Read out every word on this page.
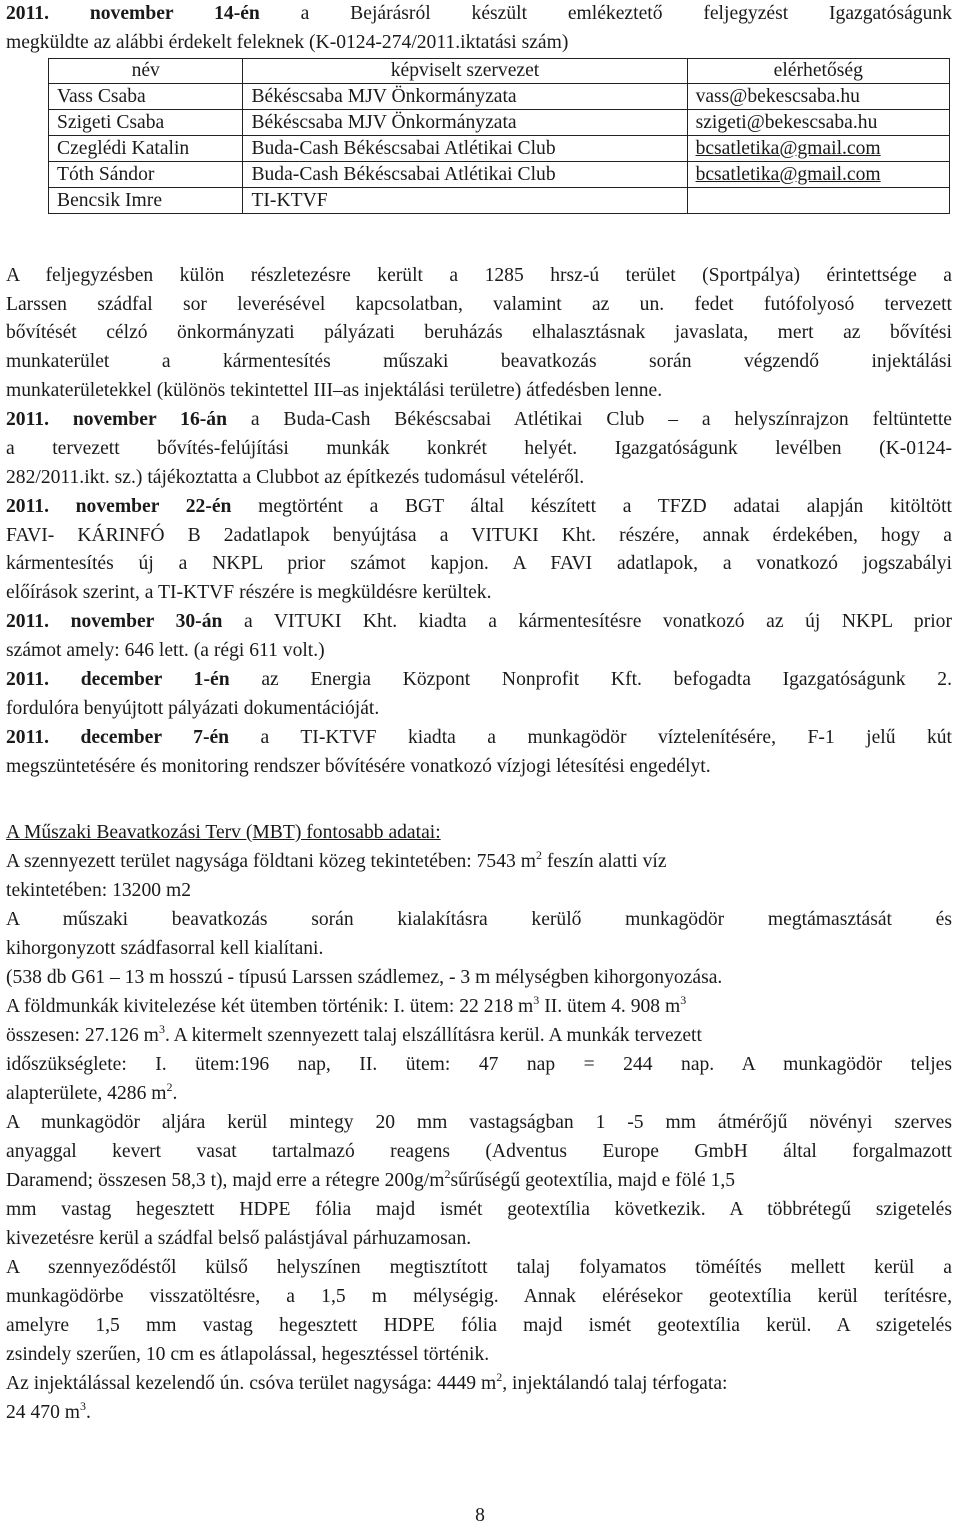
2011. november 14-én a Bejárásról készült emlékeztető feljegyzést Igazgatóságunk
megküldte az alábbi érdekelt feleknek (K-0124-274/2011.iktatási szám)
név	képviselt szervezet	elérhetőség
Vass Csaba	Békéscsaba MJV Önkormányzata	vass@bekescsaba.hu
Szigeti Csaba	Békéscsaba MJV Önkormányzata	szigeti@bekescsaba.hu
Czeglédi Katalin	Buda-Cash Békéscsabai Atlétikai Club	bcsatletika@gmail.com
Tóth Sándor	Buda-Cash Békéscsabai Atlétikai Club	bcsatletika@gmail.com
Bencsik Imre	TI-KTVF	
A feljegyzésben külön részletezésre került a 1285 hrsz-ú terület (Sportpálya) érintettsége a
Larssen szádfal sor leverésével kapcsolatban, valamint az un. fedet futófolyosó tervezett
bővítését célzó önkormányzati pályázati beruházás elhalasztásnak javaslata, mert az bővítési
munkaterület a kármentesítés műszaki beavatkozás során végzendő injektálási
munkaterületekkel (különös tekintettel III–as injektálási területre) átfedésben lenne.
2011. november 16-án a Buda-Cash Békéscsabai Atlétikai Club – a helyszínrajzon feltüntette
a tervezett bővítés-felújítási munkák konkrét helyét. Igazgatóságunk levélben (K-0124-
282/2011.ikt. sz.) tájékoztatta a Clubbot az építkezés tudomásul vételéről.
2011. november 22-én megtörtént a BGT által készített a TFZD adatai alapján kitöltött
FAVI- KÁRINFÓ B 2adatlapok benyújtása a VITUKI Kht. részére, annak érdekében, hogy a
kármentesítés új a NKPL prior számot kapjon. A FAVI adatlapok, a vonatkozó jogszabályi
előírások szerint, a TI-KTVF részére is megküldésre kerültek.
2011. november 30-án a VITUKI Kht. kiadta a kármentesítésre vonatkozó az új NKPL prior
számot amely: 646 lett. (a régi 611 volt.)
2011. december 1-én az Energia Központ Nonprofit Kft. befogadta Igazgatóságunk 2.
fordulóra benyújtott pályázati dokumentációját.
2011. december 7-én a TI-KTVF kiadta a munkagödör víztelenítésére, F-1 jelű kút
megszüntetésére és monitoring rendszer bővítésére vonatkozó vízjogi létesítési engedélyt.
A Műszaki Beavatkozási Terv (MBT) fontosabb adatai:
A szennyezett terület nagysága földtani közeg tekintetében: 7543 $m^2$ feszín alatti víz
tekintetében: 13200 m2
A műszaki beavatkozás során kialakításra kerülő munkagödör megtámasztását és
kihorgonyzott szádfasorral kell kialítani.
(538 db G61 – 13 m hosszú - típusú Larssen szádlemez, - 3 m mélységben kihorgonyozása.
A földmunkák kivitelezése két ütemben történik: I. ütem: 22 218 $m^3$ II. ütem 4. 908 $m^3$
összesen: 27.126 $m^3$. A kitermelt szennyezett talaj elszállításra kerül. A munkák tervezett
időszükséglete: I. ütem:196 nap, II. ütem: 47 nap = 244 nap. A munkagödör teljes
alapterülete, 4286 $m^2$.
A munkagödör aljára kerül mintegy 20 mm vastagságban 1 -5 mm átmérőjű növényi szerves
anyaggal kevert vasat tartalmazó reagens (Adventus Europe GmbH által forgalmazott
Daramend; összesen 58,3 t), majd erre a rétegre $200g/m^2sűrűségű$ geotextília, majd e fölé 1,5
mm vastag hegesztett HDPE fólia majd ismét geotextília következik. A többrétegű szigetelés
kivezetésre kerül a szádfal belső palástjával párhuzamosan.
A szennyeződéstől külső helyszínen megtisztított talaj folyamatos töméítés mellett kerül a
munkagödörbe visszatöltésre, a 1,5 m mélységig. Annak elérésekor geotextília kerül terítésre,
amelyre 1,5 mm vastag hegesztett HDPE fólia majd ismét geotextília kerül. A szigetelés
zsindely szerűen, 10 cm es átlapolással, hegesztéssel történik.
Az injektálással kezelendő ún. csóva terület nagysága: 4449 $m^2$, injektálandó talaj térfogata:
24 470 $m^3$.
8
